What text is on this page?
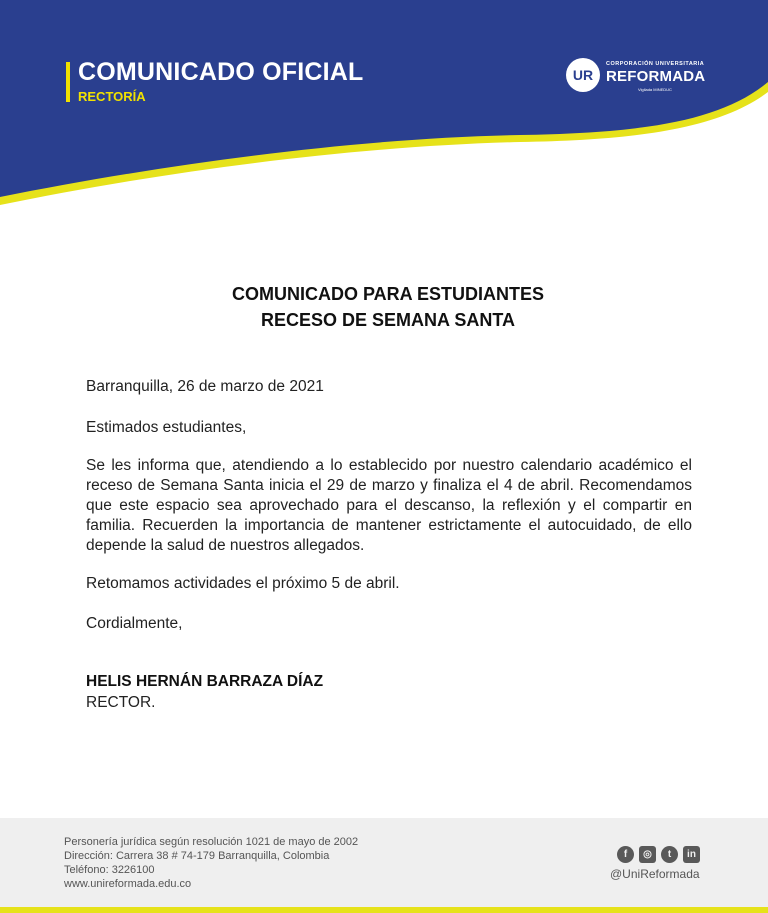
COMUNICADO OFICIAL
RECTORÍA
UR
CORPORACIÓN UNIVERSITARIA
REFORMADA
Vigilada MINEDUC
COMUNICADO PARA ESTUDIANTES
RECESO DE SEMANA SANTA
Barranquilla, 26 de marzo de 2021
Estimados estudiantes,
Se les informa que, atendiendo a lo establecido por nuestro calendario académico el receso de Semana Santa inicia el 29 de marzo y finaliza el 4 de abril. Recomendamos que este espacio sea aprovechado para el descanso, la reflexión y el compartir en familia. Recuerden la importancia de mantener estrictamente el autocuidado, de ello depende la salud de nuestros allegados.
Retomamos actividades el próximo 5 de abril.
Cordialmente,
HELIS HERNÁN BARRAZA DÍAZ
RECTOR.
Personería jurídica según resolución 1021 de mayo de 2002
Dirección: Carrera 38 # 74-179 Barranquilla, Colombia
Teléfono: 3226100
www.unireformada.edu.co
f	◎	t	in
@UniReformada
